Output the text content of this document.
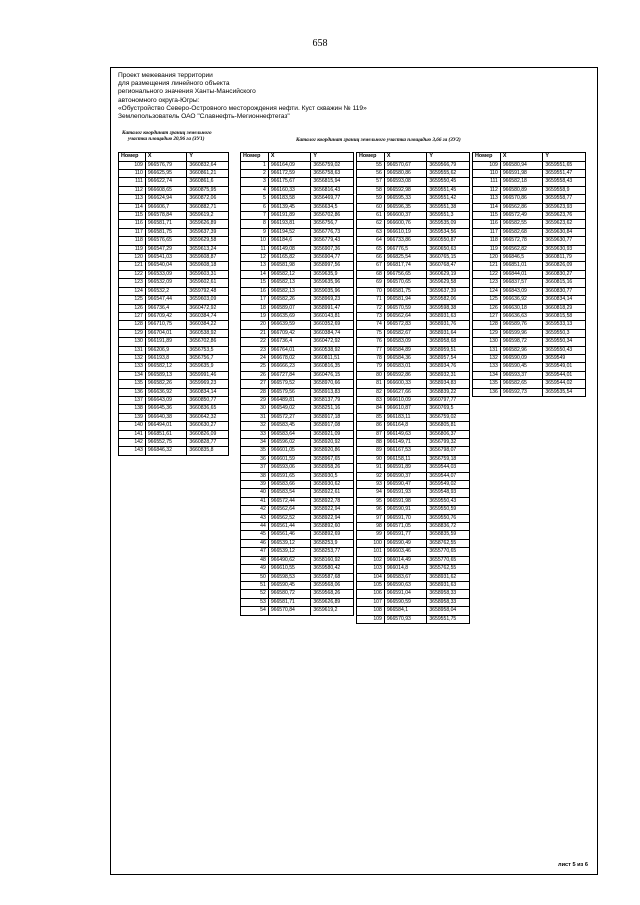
658
Проект межевания территории
для размещения линейного объекта
регионального значения Ханты-Мансийского
автономного округа-Югры:
«Обустройство Северо-Островного месторождения нефти. Куст скважин № 119»
Землепользователь ОАО "Славнефть-Мегионнефтегаз"
Каталог координат границ земельного
участка площадью 20,96 га (ЗУ1)	Каталог координат границ земельного участка площадью 3,66 га (ЗУ2)
Номер	X	Y
109	966576,79	3660832,64
110	966625,95	3660861,21
111	966622,74	3660861,6
112	966608,65	3660875,95
113	966624,94	3660872,06
114	966606,7	3660882,71
115	966578,84	3659619,2
116	966581,71	3659626,89
117	966581,75	3659637,39
118	966576,65	3659629,58
119	966547,29	3659613,24
120	966541,03	3659608,87
121	966540,04	3659608,18
122	966533,09	3659603,31
123	966532,09	3659602,61
124	966532,2	3659792,48
125	966547,44	3659603,09
126	966736,4	3660472,92
127	966709,42	3660384,74
128	966710,75	3660384,22
129	966704,01	3660538,92
130	966191,89	3656702,86
131	966206,9	3656753,5
132	966193,8	3656756,7
133	966582,12	3659635,9
134	966589,13	3659991,46
135	966582,26	3659969,23
136	966636,92	3660834,14
137	966643,09	3660850,77
138	966645,36	3660836,65
139	966640,38	3660642,32
140	966494,01	3660630,27
141	966851,61	3660826,09
142	966552,75	3660828,77
143	966846,32	3660835,8
Номер	X	Y
1	966164,09	3656759,02
2	966172,59	3656758,63
3	966175,67	3656815,94
4	966160,33	3656816,43
5	966183,58	3656469,77
6	966139,45	3656634,5
7	966191,89	3656702,86
8	966193,81	3656756,7
9	966194,52	3656776,73
10	966184,6	3656779,43
11	966149,08	3656907,36
12	966165,82	3656904,77
13	966581,98	3658997,56
14	966582,12	3659635,9
15	966582,13	3659635,96
16	966582,13	3659035,96
17	966582,26	3658969,23
18	966589,07	3658991,47
19	966635,69	3660143,81
20	966639,59	3660352,69
21	966709,42	3660384,74
22	966736,4	3660472,92
23	966764,01	3660538,92
24	966678,02	3660811,51
25	966666,23	3660816,35
26	966727,84	3660476,15
27	966579,52	3658970,66
28	966579,56	3658913,83
29	966489,81	3658137,79
30	966549,02	3658251,16
31	966572,27	3658917,18
32	966583,45	3658917,08
33	966583,64	3658921,09
34	966596,02	3658920,92
35	966601,05	3658920,86
36	966601,59	3658967,65
37	966593,06	3658958,26
38	966591,65	3658930,5
39	966583,66	3658930,62
40	966583,54	3658922,61
41	966572,44	3658922,78
42	966562,64	3658922,94
43	966562,52	3658922,94
44	966561,44	3658892,60
45	966561,46	3658892,69
46	966539,12	3658253,9
47	966539,12	3658253,77
48	966490,62	3658160,92
49	966610,55	3659580,42
50	966598,53	3659587,68
51	966590,45	3659568,06
52	966580,72	3659568,26
53	966581,71	3659626,89
54	966570,84	3659619,2
Номер	X	Y
55	966570,67	3659566,79
56	966580,86	3659555,62
57	966593,08	3659550,45
58	966592,98	3659551,45
59	966595,33	3659551,42
60	966596,35	3659551,38
61	966600,37	3659551,3
62	966600,76	3659535,09
63	966610,19	3659534,56
64	966733,86	3660550,87
65	966776,5	3660650,63
66	966825,54	3660765,15
67	966817,74	3660768,47
68	966756,65	3660629,19
69	966570,65	3659629,58
70	966581,75	3659637,39
71	966581,94	3659582,06
72	966570,59	3659598,38
73	966562,64	3658931,63
74	966572,83	3658931,76
75	966582,67	3658931,64
76	966583,09	3658958,68
77	966584,89	3658959,51
78	966584,36	3658957,54
79	966583,01	3658934,76
80	966592,86	3658932,31
81	966600,33	3658934,83
82	966627,66	3658839,22
83	966610,09	3660797,77
84	966610,87	3660769,5
85	966183,11	3656759,02
86	966164,8	3656805,81
87	966149,63	3656806,37
88	966149,71	3656799,32
89	966167,53	3656798,07
90	966158,11	3656759,18
91	966591,89	3659544,03
92	966590,37	3659544,07
93	966590,47	3659549,02
94	966591,93	3659548,93
95	966591,98	3659550,43
96	966590,91	3659550,59
97	966591,70	3659550,76
98	966571,05	3658836,72
99	966591,77	3658835,59
100	966590,49	3658762,55
101	966603,46	3655770,65
102	966014,49	3655770,65
103	966014,8	3655762,55
104	966583,67	3658931,62
105	966590,63	3658931,63
106	966591,04	3658958,33
107	966590,59	3658958,33
108	966584,1	3658958,04
109	966570,93	3659551,75
Номер	X	Y
109	966580,94	3659551,65
110	966591,98	3659551,47
111	966582,18	3659558,43
112	966580,89	3659558,9
113	966570,86	3659558,77
114	966562,86	3659623,93
115	966572,49	3659623,76
116	966582,55	3659623,62
117	966582,68	3659630,84
118	966572,78	3659630,77
119	966562,82	3659630,93
120	966846,5	3660811,79
121	966851,01	3660826,09
122	966844,01	3660830,27
123	966837,57	3660815,16
124	966843,09	3660830,77
125	966636,92	3660834,14
126	966630,18	3660818,29
127	966636,63	3660815,58
128	966589,76	3659533,13
129	966599,96	3659550,3
130	966598,72	3659550,34
131	966582,96	3659550,43
132	966590,09	3659549
133	966590,45	3659549,01
134	966593,37	3659544,01
135	966582,65	3659544,02
136	966592,73	3659535,54
лист 5 из 6
